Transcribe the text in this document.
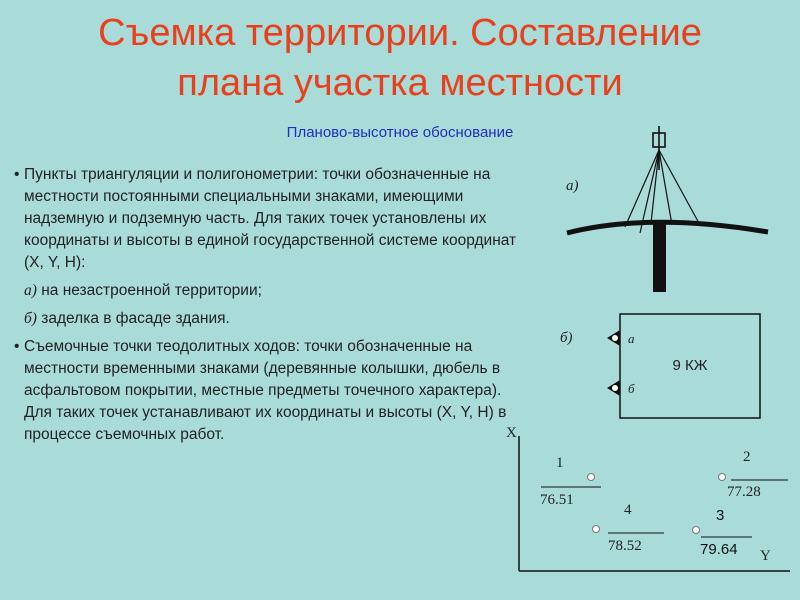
Съемка территории. Составление
плана участка местности
Планово-высотное обоснование
• Пункты триангуляции и полигонометрии: точки обозначенные на местности постоянными специальными знаками, имеющими надземную и подземную часть. Для таких точек установлены их координаты и высоты в единой государственной системе координат (X, Y, H):
а) на незастроенной территории;
б) заделка в фасаде здания.
• Съемочные точки теодолитных ходов: точки обозначенные на местности временными знаками (деревянные колышки, дюбель в асфальтовом покрытии, местные предметы точечного характера). Для таких точек устанавливают их координаты и высоты (X, Y, H) в процессе съемочных работ.
а)
б)	а
б
9 КЖ
X
Y
1
76.51
2
77.28
4
78.52
3
79.64
